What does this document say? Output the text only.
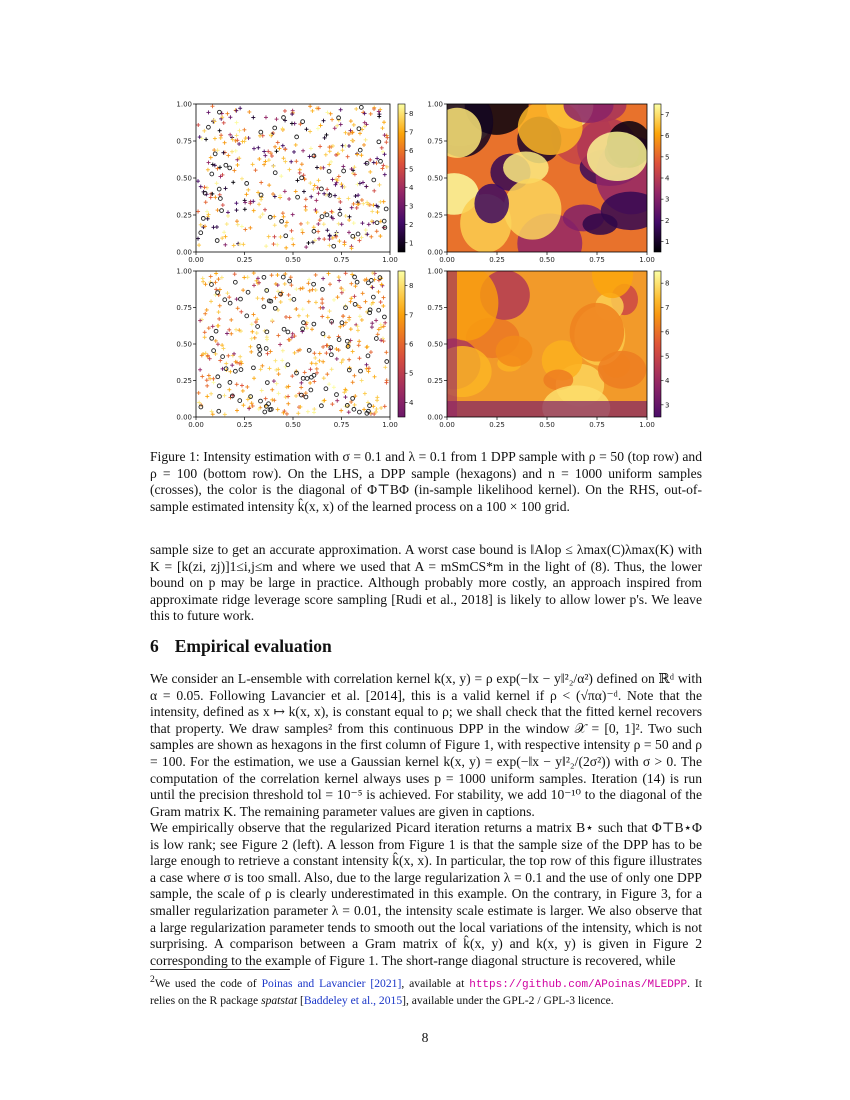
0.00
0.00
0.25
0.25
0.50
0.50
0.75
0.75
1.00
1.00
1
2
3
4
5
6
7
8
0.00
0.00
0.25
0.25
0.50
0.50
0.75
0.75
1.00
1.00
1
2
3
4
5
6
7
0.00
0.00
0.25
0.25
0.50
0.50
0.75
0.75
1.00
1.00
4
5
6
7
8
0.00
0.00
0.25
0.25
0.50
0.50
0.75
0.75
1.00
1.00
3
4
5
6
7
8
Figure 1: Intensity estimation with σ = 0.1 and λ = 0.1 from 1 DPP sample with ρ = 50 (top row) and ρ = 100 (bottom row). On the LHS, a DPP sample (hexagons) and n = 1000 uniform samples (crosses), the color is the diagonal of Φ⊤BΦ (in-sample likelihood kernel). On the RHS, out-of-sample estimated intensity k̂(x, x) of the learned process on a 100 × 100 grid.
sample size to get an accurate approximation. A worst case bound is ‖A‖op ≤ λmax(C)λmax(K) with K = [k(zi, zj)]1≤i,j≤m and where we used that A = mSmCS*m in the light of (8). Thus, the lower bound on p may be large in practice. Although probably more costly, an approach inspired from approximate ridge leverage score sampling [Rudi et al., 2018] is likely to allow lower p's. We leave this to future work.
6 Empirical evaluation
We consider an L-ensemble with correlation kernel k(x, y) = ρ exp(−‖x − y‖²₂/α²) defined on ℝᵈ with α = 0.05. Following Lavancier et al. [2014], this is a valid kernel if ρ < (√πα)⁻ᵈ. Note that the intensity, defined as x ↦ k(x, x), is constant equal to ρ; we shall check that the fitted kernel recovers that property. We draw samples² from this continuous DPP in the window 𝒳 = [0, 1]². Two such samples are shown as hexagons in the first column of Figure 1, with respective intensity ρ = 50 and ρ = 100. For the estimation, we use a Gaussian kernel k(x, y) = exp(−‖x − y‖²₂/(2σ²)) with σ > 0. The computation of the correlation kernel always uses p = 1000 uniform samples. Iteration (14) is run until the precision threshold tol = 10⁻⁵ is achieved. For stability, we add 10⁻¹⁰ to the diagonal of the Gram matrix K. The remaining parameter values are given in captions.
We empirically observe that the regularized Picard iteration returns a matrix B⋆ such that Φ⊤B⋆Φ is low rank; see Figure 2 (left). A lesson from Figure 1 is that the sample size of the DPP has to be large enough to retrieve a constant intensity k̂(x, x). In particular, the top row of this figure illustrates a case where σ is too small. Also, due to the large regularization λ = 0.1 and the use of only one DPP sample, the scale of ρ is clearly underestimated in this example. On the contrary, in Figure 3, for a smaller regularization parameter λ = 0.01, the intensity scale estimate is larger. We also observe that a large regularization parameter tends to smooth out the local variations of the intensity, which is not surprising. A comparison between a Gram matrix of k̂(x, y) and k(x, y) is given in Figure 2 corresponding to the example of Figure 1. The short-range diagonal structure is recovered, while
$^2$We used the code of Poinas and Lavancier [2021], available at https://github.com/APoinas/MLEDPP. It relies on the R package spatstat [Baddeley et al., 2015], available under the GPL-2 / GPL-3 licence.
8
